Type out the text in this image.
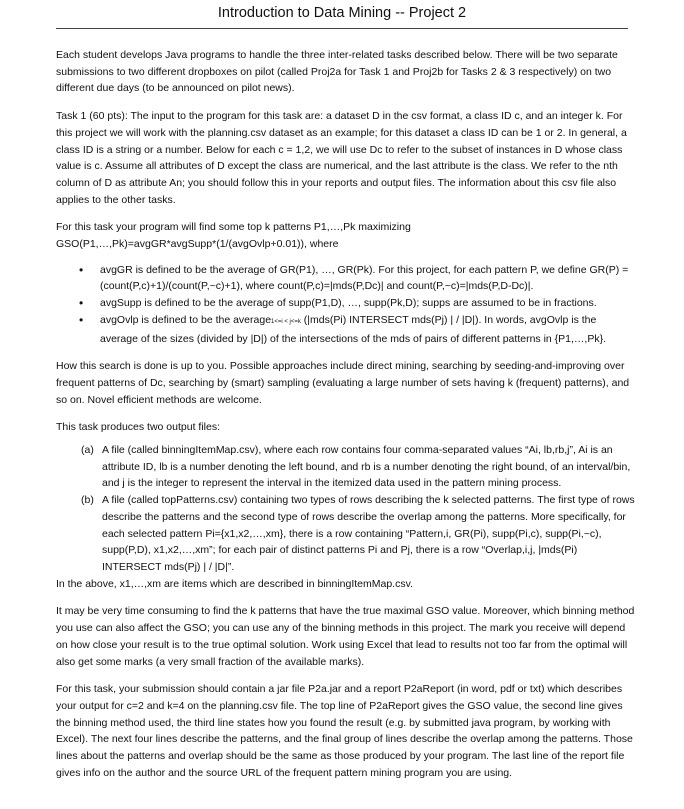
Introduction to Data Mining -- Project 2

Each student develops Java programs to handle the three inter-related tasks described below. There will be two separate submissions to two different dropboxes on pilot (called Proj2a for Task 1 and Proj2b for Tasks 2 & 3 respectively) on two different due days (to be announced on pilot news).

Task 1 (60 pts): The input to the program for this task are: a dataset D in the csv format, a class ID c, and an integer k. For this project we will work with the planning.csv dataset as an example; for this dataset a class ID can be 1 or 2. In general, a class ID is a string or a number. Below for each c = 1,2, we will use Dc to refer to the subset of instances in D whose class value is c. Assume all attributes of D except the class are numerical, and the last attribute is the class. We refer to the nth column of D as attribute An; you should follow this in your reports and output files. The information about this csv file also applies to the other tasks.

For this task your program will find some top k patterns P1,…,Pk maximizing
GSO(P1,…,Pk)=avgGR*avgSupp*(1/(avgOvlp+0.01)), where

• avgGR is defined to be the average of GR(P1), …, GR(Pk). For this project, for each pattern P, we define GR(P) = (count(P,c)+1)/(count(P,~c)+1), where count(P,c)=|mds(P,Dc)| and count(P,~c)=|mds(P,D-Dc)|.
• avgSupp is defined to be the average of supp(P1,D), …, supp(Pk,D); supps are assumed to be in fractions.
• avgOvlp is defined to be the average1<=i < j<=k (|mds(Pi) INTERSECT mds(Pj) | / |D|). In words, avgOvlp is the average of the sizes (divided by |D|) of the intersections of the mds of pairs of different patterns in {P1,…,Pk}.

How this search is done is up to you. Possible approaches include direct mining, searching by seeding-and-improving over frequent patterns of Dc, searching by (smart) sampling (evaluating a large number of sets having k (frequent) patterns), and so on. Novel efficient methods are welcome.

This task produces two output files:

(a) A file (called binningItemMap.csv), where each row contains four comma-separated values “Ai, lb,rb,j”, Ai is an attribute ID, lb is a number denoting the left bound, and rb is a number denoting the right bound, of an interval/bin, and j is the integer to represent the interval in the itemized data used in the pattern mining process.
(b) A file (called topPatterns.csv) containing two types of rows describing the k selected patterns. The first type of rows describe the patterns and the second type of rows describe the overlap among the patterns. More specifically, for each selected pattern Pi={x1,x2,…,xm}, there is a row containing “Pattern,i, GR(Pi), supp(Pi,c), supp(Pi,~c), supp(P,D), x1,x2,…,xm”; for each pair of distinct patterns Pi and Pj, there is a row “Overlap,i,j, |mds(Pi) INTERSECT mds(Pj) | / |D|”.

In the above, x1,…,xm are items which are described in binningItemMap.csv.

It may be very time consuming to find the k patterns that have the true maximal GSO value. Moreover, which binning method you use can also affect the GSO; you can use any of the binning methods in this project. The mark you receive will depend on how close your result is to the true optimal solution. Work using Excel that lead to results not too far from the optimal will also get some marks (a very small fraction of the available marks).

For this task, your submission should contain a jar file P2a.jar and a report P2aReport (in word, pdf or txt) which describes your output for c=2 and k=4 on the planning.csv file. The top line of P2aReport gives the GSO value, the second line gives the binning method used, the third line states how you found the result (e.g. by submitted java program, by working with Excel). The next four lines describe the patterns, and the final group of lines describe the overlap among the patterns. Those lines about the patterns and overlap should be the same as those produced by your program. The last line of the report file gives info on the author and the source URL of the frequent pattern mining program you are using.
